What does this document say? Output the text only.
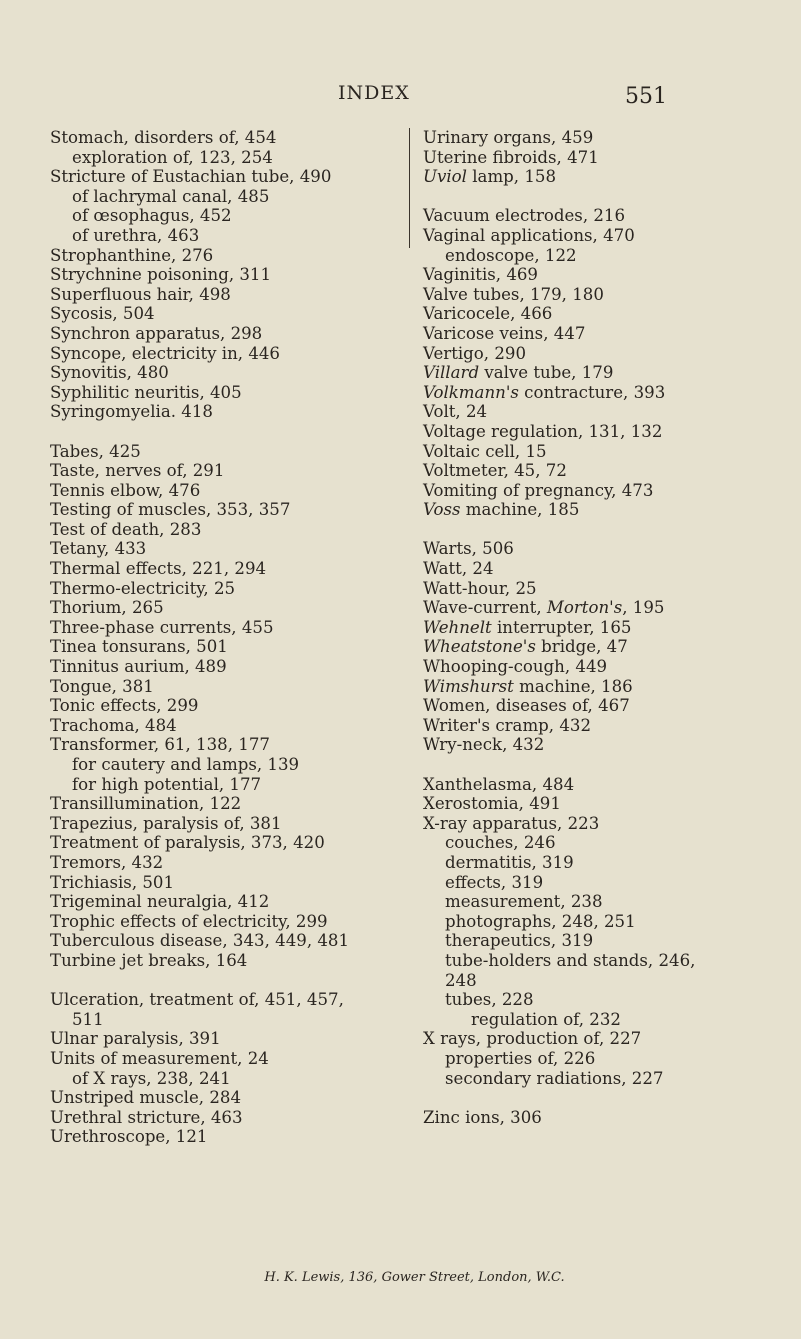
INDEX	551
Stomach, disorders of, 454
exploration of, 123, 254
Stricture of Eustachian tube, 490
of lachrymal canal, 485
of œsophagus, 452
of urethra, 463
Strophanthine, 276
Strychnine poisoning, 311
Superfluous hair, 498
Sycosis, 504
Synchron apparatus, 298
Syncope, electricity in, 446
Synovitis, 480
Syphilitic neuritis, 405
Syringomyelia. 418
Tabes, 425
Taste, nerves of, 291
Tennis elbow, 476
Testing of muscles, 353, 357
Test of death, 283
Tetany, 433
Thermal effects, 221, 294
Thermo-electricity, 25
Thorium, 265
Three-phase currents, 455
Tinea tonsurans, 501
Tinnitus aurium, 489
Tongue, 381
Tonic effects, 299
Trachoma, 484
Transformer, 61, 138, 177
for cautery and lamps, 139
for high potential, 177
Transillumination, 122
Trapezius, paralysis of, 381
Treatment of paralysis, 373, 420
Tremors, 432
Trichiasis, 501
Trigeminal neuralgia, 412
Trophic effects of electricity, 299
Tuberculous disease, 343, 449, 481
Turbine jet breaks, 164
Ulceration, treatment of, 451, 457,
511
Ulnar paralysis, 391
Units of measurement, 24
of X rays, 238, 241
Unstriped muscle, 284
Urethral stricture, 463
Urethroscope, 121
Urinary organs, 459
Uterine fibroids, 471
Uviol lamp, 158
Vacuum electrodes, 216
Vaginal applications, 470
endoscope, 122
Vaginitis, 469
Valve tubes, 179, 180
Varicocele, 466
Varicose veins, 447
Vertigo, 290
Villard valve tube, 179
Volkmann's contracture, 393
Volt, 24
Voltage regulation, 131, 132
Voltaic cell, 15
Voltmeter, 45, 72
Vomiting of pregnancy, 473
Voss machine, 185
Warts, 506
Watt, 24
Watt-hour, 25
Wave-current, Morton's, 195
Wehnelt interrupter, 165
Wheatstone's bridge, 47
Whooping-cough, 449
Wimshurst machine, 186
Women, diseases of, 467
Writer's cramp, 432
Wry-neck, 432
Xanthelasma, 484
Xerostomia, 491
X-ray apparatus, 223
couches, 246
dermatitis, 319
effects, 319
measurement, 238
photographs, 248, 251
therapeutics, 319
tube-holders and stands, 246,
248
tubes, 228
regulation of, 232
X rays, production of, 227
properties of, 226
secondary radiations, 227
Zinc ions, 306
H. K. Lewis, 136, Gower Street, London, W.C.
